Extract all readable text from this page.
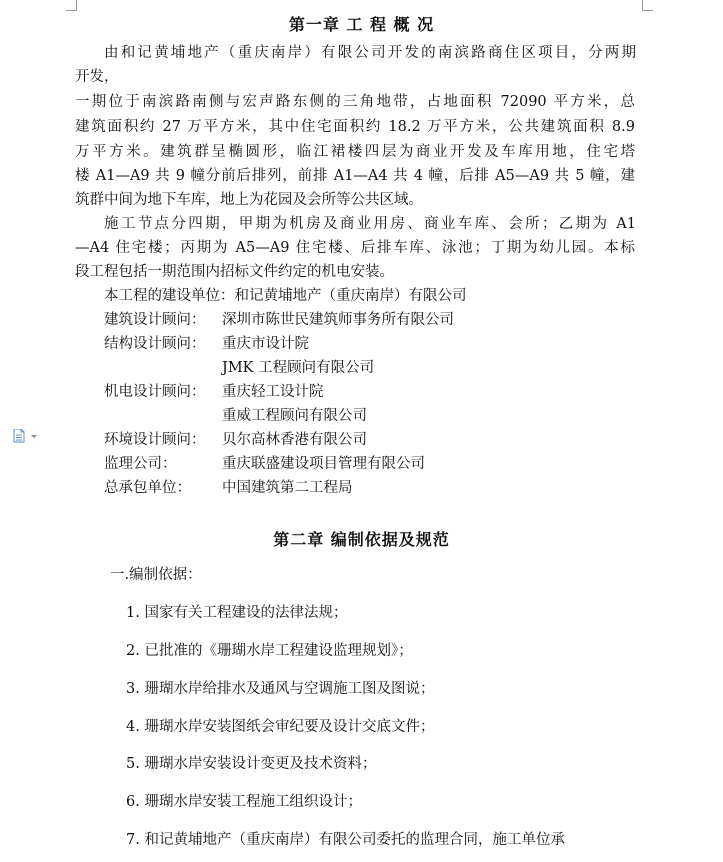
第一章 工 程 概 况
由和记黄埔地产（重庆南岸）有限公司开发的南滨路商住区项目，分两期
开发，
一期位于南滨路南侧与宏声路东侧的三角地带，占地面积 72090 平方米，总
建筑面积约 27 万平方米，其中住宅面积约 18.2 万平方米，公共建筑面积 8.9
万平方米。建筑群呈椭圆形，临江裙楼四层为商业开发及车库用地，住宅塔
楼 A1—A9 共 9 幢分前后排列，前排 A1—A4 共 4 幢，后排 A5—A9 共 5 幢，建
筑群中间为地下车库，地上为花园及会所等公共区域。
施工节点分四期，甲期为机房及商业用房、商业车库、会所；乙期为 A1
—A4 住宅楼；丙期为 A5—A9 住宅楼、后排车库、泳池；丁期为幼儿园。本标
段工程包括一期范围内招标文件约定的机电安装。
本工程的建设单位：和记黄埔地产（重庆南岸）有限公司
建筑设计顾问： 深圳市陈世民建筑师事务所有限公司
结构设计顾问： 重庆市设计院
JMK 工程顾问有限公司
机电设计顾问： 重庆轻工设计院
重威工程顾问有限公司
环境设计顾问： 贝尔高林香港有限公司
监理公司：	重庆联盛建设项目管理有限公司
总承包单位： 中国建筑第二工程局
第二章 编制依据及规范
一.编制依据：
1. 国家有关工程建设的法律法规；
2. 已批准的《珊瑚水岸工程建设监理规划》；
3. 珊瑚水岸给排水及通风与空调施工图及图说；
4. 珊瑚水岸安装图纸会审纪要及设计交底文件；
5. 珊瑚水岸安装设计变更及技术资料；
6. 珊瑚水岸安装工程施工组织设计；
7. 和记黄埔地产（重庆南岸）有限公司委托的监理合同，施工单位承
